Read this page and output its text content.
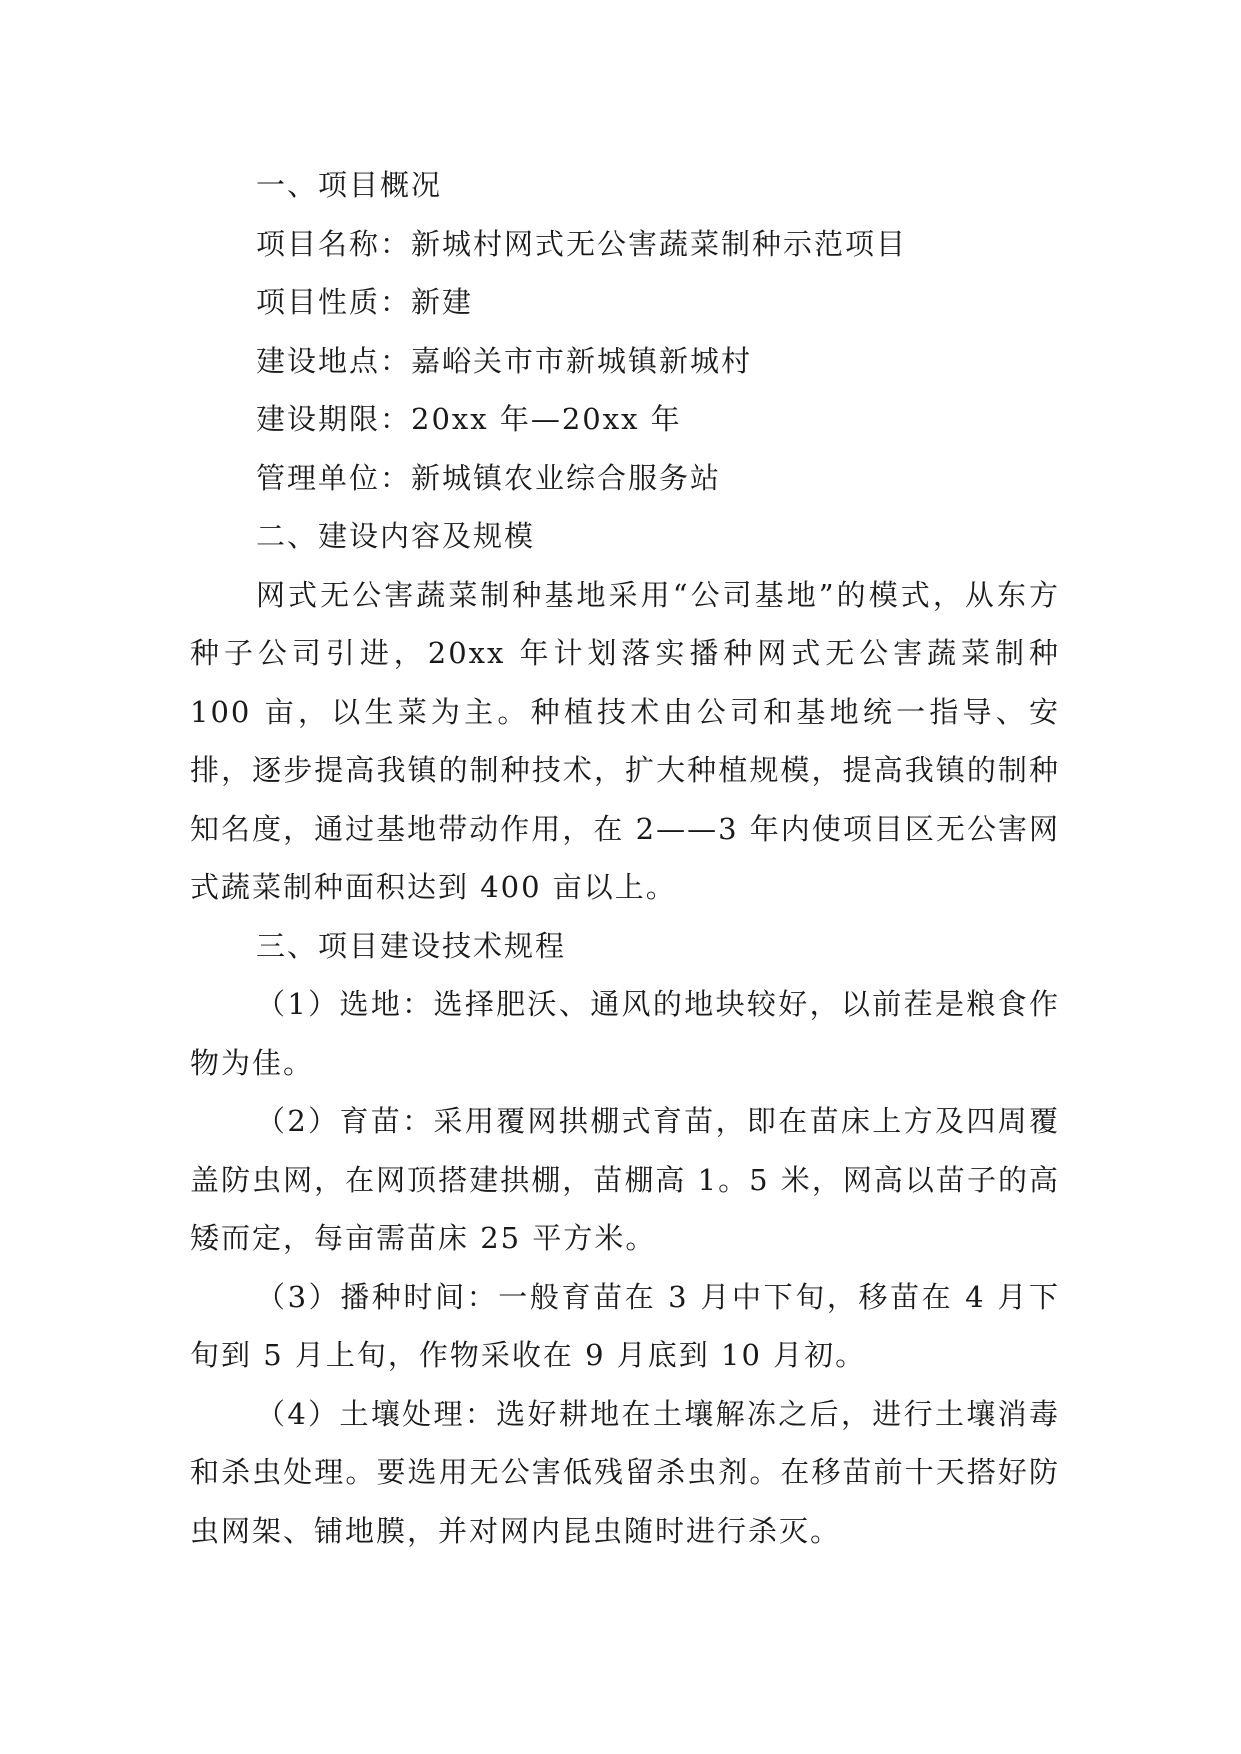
一、项目概况

项目名称：新城村网式无公害蔬菜制种示范项目

项目性质：新建

建设地点：嘉峪关市市新城镇新城村

建设期限：20xx 年—20xx 年

管理单位：新城镇农业综合服务站

二、建设内容及规模

网式无公害蔬菜制种基地采用“公司基地”的模式，从东方种子公司引进，20xx 年计划落实播种网式无公害蔬菜制种 100 亩，以生菜为主。种植技术由公司和基地统一指导、安排，逐步提高我镇的制种技术，扩大种植规模，提高我镇的制种知名度，通过基地带动作用，在 2——3 年内使项目区无公害网式蔬菜制种面积达到 400 亩以上。

三、项目建设技术规程

（1）选地：选择肥沃、通风的地块较好，以前茬是粮食作物为佳。

（2）育苗：采用覆网拱棚式育苗，即在苗床上方及四周覆盖防虫网，在网顶搭建拱棚，苗棚高 1。5 米，网高以苗子的高矮而定，每亩需苗床 25 平方米。

（3）播种时间：一般育苗在 3 月中下旬，移苗在 4 月下旬到 5 月上旬，作物采收在 9 月底到 10 月初。

（4）土壤处理：选好耕地在土壤解冻之后，进行土壤消毒和杀虫处理。要选用无公害低残留杀虫剂。在移苗前十天搭好防虫网架、铺地膜，并对网内昆虫随时进行杀灭。
